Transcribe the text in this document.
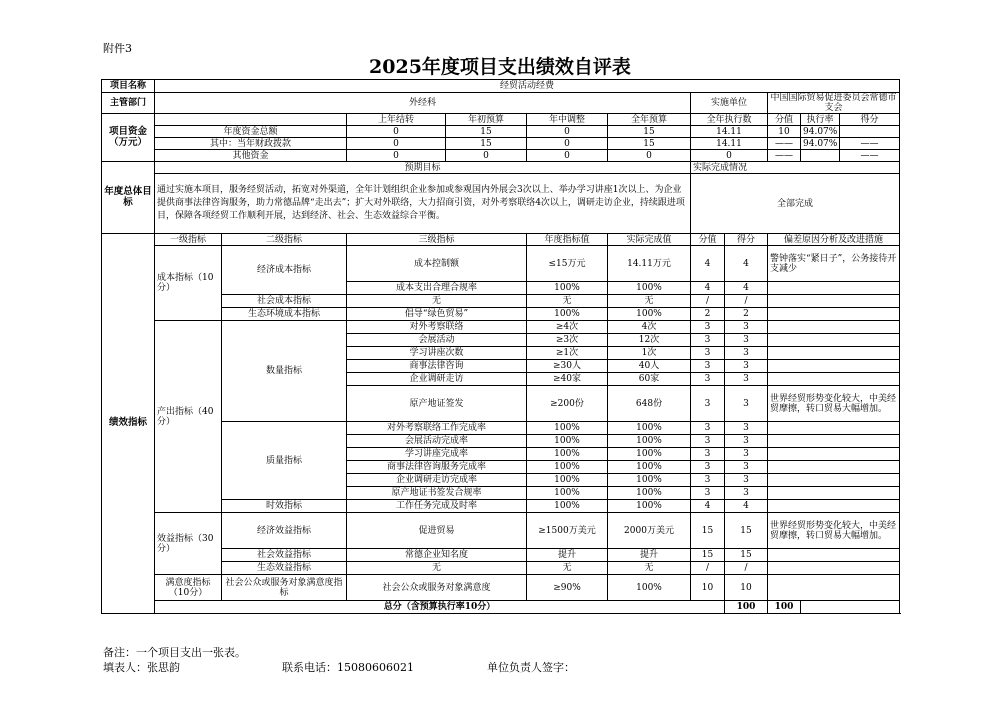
附件3
2025年度项目支出绩效自评表
项目名称	经贸活动经费										
主管部门	外经科						实施单位		中国国际贸易促进委员会常德市支会		
项目资金（万元）			上年结转	年初预算	年中调整	全年预算	全年执行数		分值	执行率	得分
	年度资金总额		0	15	0	15	14.11		10	94.07%	
	其中：当年财政拨款		0	15	0	15	14.11		——	94.07%	——
	其他资金		0	0	0	0	0		——		——
年度总体目标	预期目标						实际完成情况				
	通过实施本项目，服务经贸活动，拓宽对外渠道，全年计划组织企业参加或参观国内外展会3次以上、举办学习讲座1次以上、为企业提供商事法律咨询服务，助力常德品牌“走出去”；扩大对外联络，大力招商引资，对外考察联络4次以上，调研走访企业，持续跟进项目，保障各项经贸工作顺利开展，达到经济、社会、生态效益综合平衡。						全部完成				
绩效指标	一级指标	二级指标	三级指标		年度指标值	实际完成值	分值	得分	偏差原因分析及改进措施		
	成本指标（10分）	经济成本指标	成本控制额		≤15万元	14.11万元	4	4	警钟落实“紧日子”，公务接待开支减少		
			成本支出合理合规率		100%	100%	4	4			
		社会成本指标	无		无	无	/	/			
		生态环境成本指标	倡导“绿色贸易”		100%	100%	2	2			
	产出指标（40分）	数量指标	对外考察联络		≥4次	4次	3	3			
			会展活动		≥3次	12次	3	3			
			学习讲座次数		≥1次	1次	3	3			
			商事法律咨询		≥30人	40人	3	3			
			企业调研走访		≥40家	60家	3	3			
			原产地证签发		≥200份	648份	3	3	世界经贸形势变化较大，中美经贸摩擦，转口贸易大幅增加。		
		质量指标	对外考察联络工作完成率		100%	100%	3	3			
			会展活动完成率		100%	100%	3	3			
			学习讲座完成率		100%	100%	3	3			
			商事法律咨询服务完成率		100%	100%	3	3			
			企业调研走访完成率		100%	100%	3	3			
			原产地证书签发合规率		100%	100%	3	3			
		时效指标	工作任务完成及时率		100%	100%	4	4			
	效益指标（30分）	经济效益指标	促进贸易		≥1500万美元	2000万美元	15	15	世界经贸形势变化较大，中美经贸摩擦，转口贸易大幅增加。		
		社会效益指标	常德企业知名度		提升	提升	15	15			
		生态效益指标	无		无	无	/	/			
	满意度指标（10分）	社会公众或服务对象满意度指标	社会公众或服务对象满意度		≥90%	100%	10	10			
	总分（含预算执行率10分）							100	100		
备注：一个项目支出一张表。
填表人：张思韵	联系电话：15080606021	单位负责人签字：
